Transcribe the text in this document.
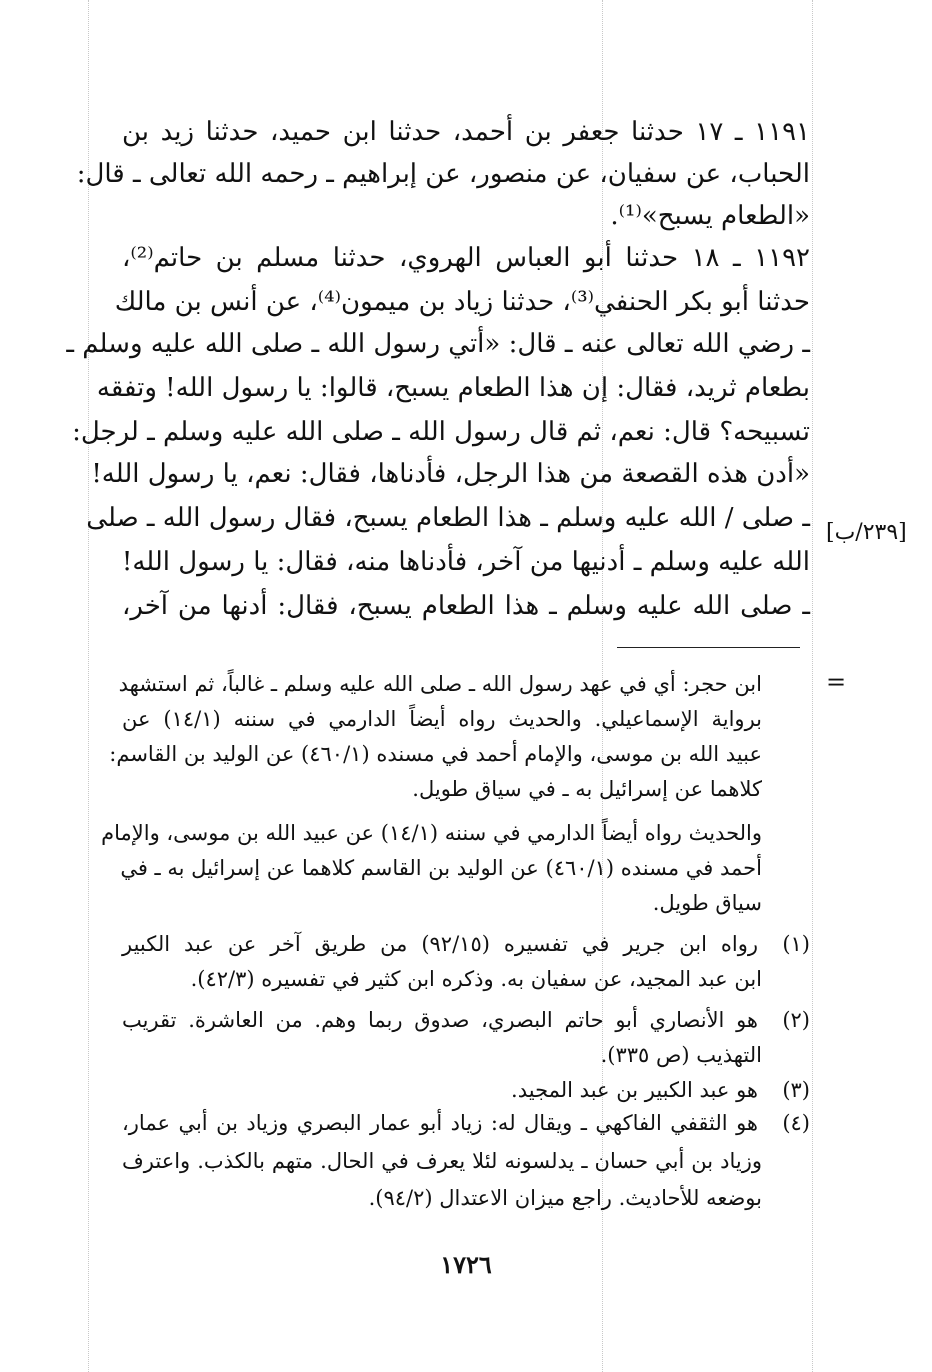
١١٩١ ـ ١٧ حدثنا جعفر بن أحمد، حدثنا ابن حميد، حدثنا زيد بن
الحباب، عن سفيان، عن منصور، عن إبراهيم ـ رحمه الله تعالى ـ قال:
«الطعام يسبح»⁽¹⁾.
١١٩٢ ـ ١٨ حدثنا أبو العباس الهروي، حدثنا مسلم بن حاتم⁽²⁾،
حدثنا أبو بكر الحنفي⁽³⁾، حدثنا زياد بن ميمون⁽⁴⁾، عن أنس بن مالك
ـ رضي الله تعالى عنه ـ قال: «أتي رسول الله ـ صلى الله عليه وسلم ـ
بطعام ثريد، فقال: إن هذا الطعام يسبح، قالوا: يا رسول الله! وتفقه
تسبيحه؟ قال: نعم، ثم قال رسول الله ـ صلى الله عليه وسلم ـ لرجل:
«أدن هذه القصعة من هذا الرجل، فأدناها، فقال: نعم، يا رسول الله!
ـ صلى / الله عليه وسلم ـ هذا الطعام يسبح، فقال رسول الله ـ صلى
الله عليه وسلم ـ أدنيها من آخر، فأدناها منه، فقال: يا رسول الله!
ـ صلى الله عليه وسلم ـ هذا الطعام يسبح، فقال: أدنها من آخر،
[٢٣٩/ب]
=
ابن حجر: أي في عهد رسول الله ـ صلى الله عليه وسلم ـ غالباً، ثم استشهد
برواية الإسماعيلي. والحديث رواه أيضاً الدارمي في سننه (١٤/١) عن
عبيد الله بن موسى، والإمام أحمد في مسنده (٤٦٠/١) عن الوليد بن القاسم:
كلاهما عن إسرائيل به ـ في سياق طويل.
والحديث رواه أيضاً الدارمي في سننه (١٤/١) عن عبيد الله بن موسى، والإمام
أحمد في مسنده (٤٦٠/١) عن الوليد بن القاسم كلاهما عن إسرائيل به ـ في
سياق طويل.
(١)
رواه ابن جرير في تفسيره (٩٢/١٥) من طريق آخر عن عبد الكبير
ابن عبد المجيد، عن سفيان به. وذكره ابن كثير في تفسيره (٤٢/٣).
(٢)
هو الأنصاري أبو حاتم البصري، صدوق ربما وهم. من العاشرة. تقريب
التهذيب (ص ٣٣٥).
(٣)
هو عبد الكبير بن عبد المجيد.
(٤)
هو الثقفي الفاكهي ـ ويقال له: زياد أبو عمار البصري وزياد بن أبي عمار،
وزياد بن أبي حسان ـ يدلسونه لئلا يعرف في الحال. متهم بالكذب. واعترف
بوضعه للأحاديث. راجع ميزان الاعتدال (٩٤/٢).
١٧٢٦
